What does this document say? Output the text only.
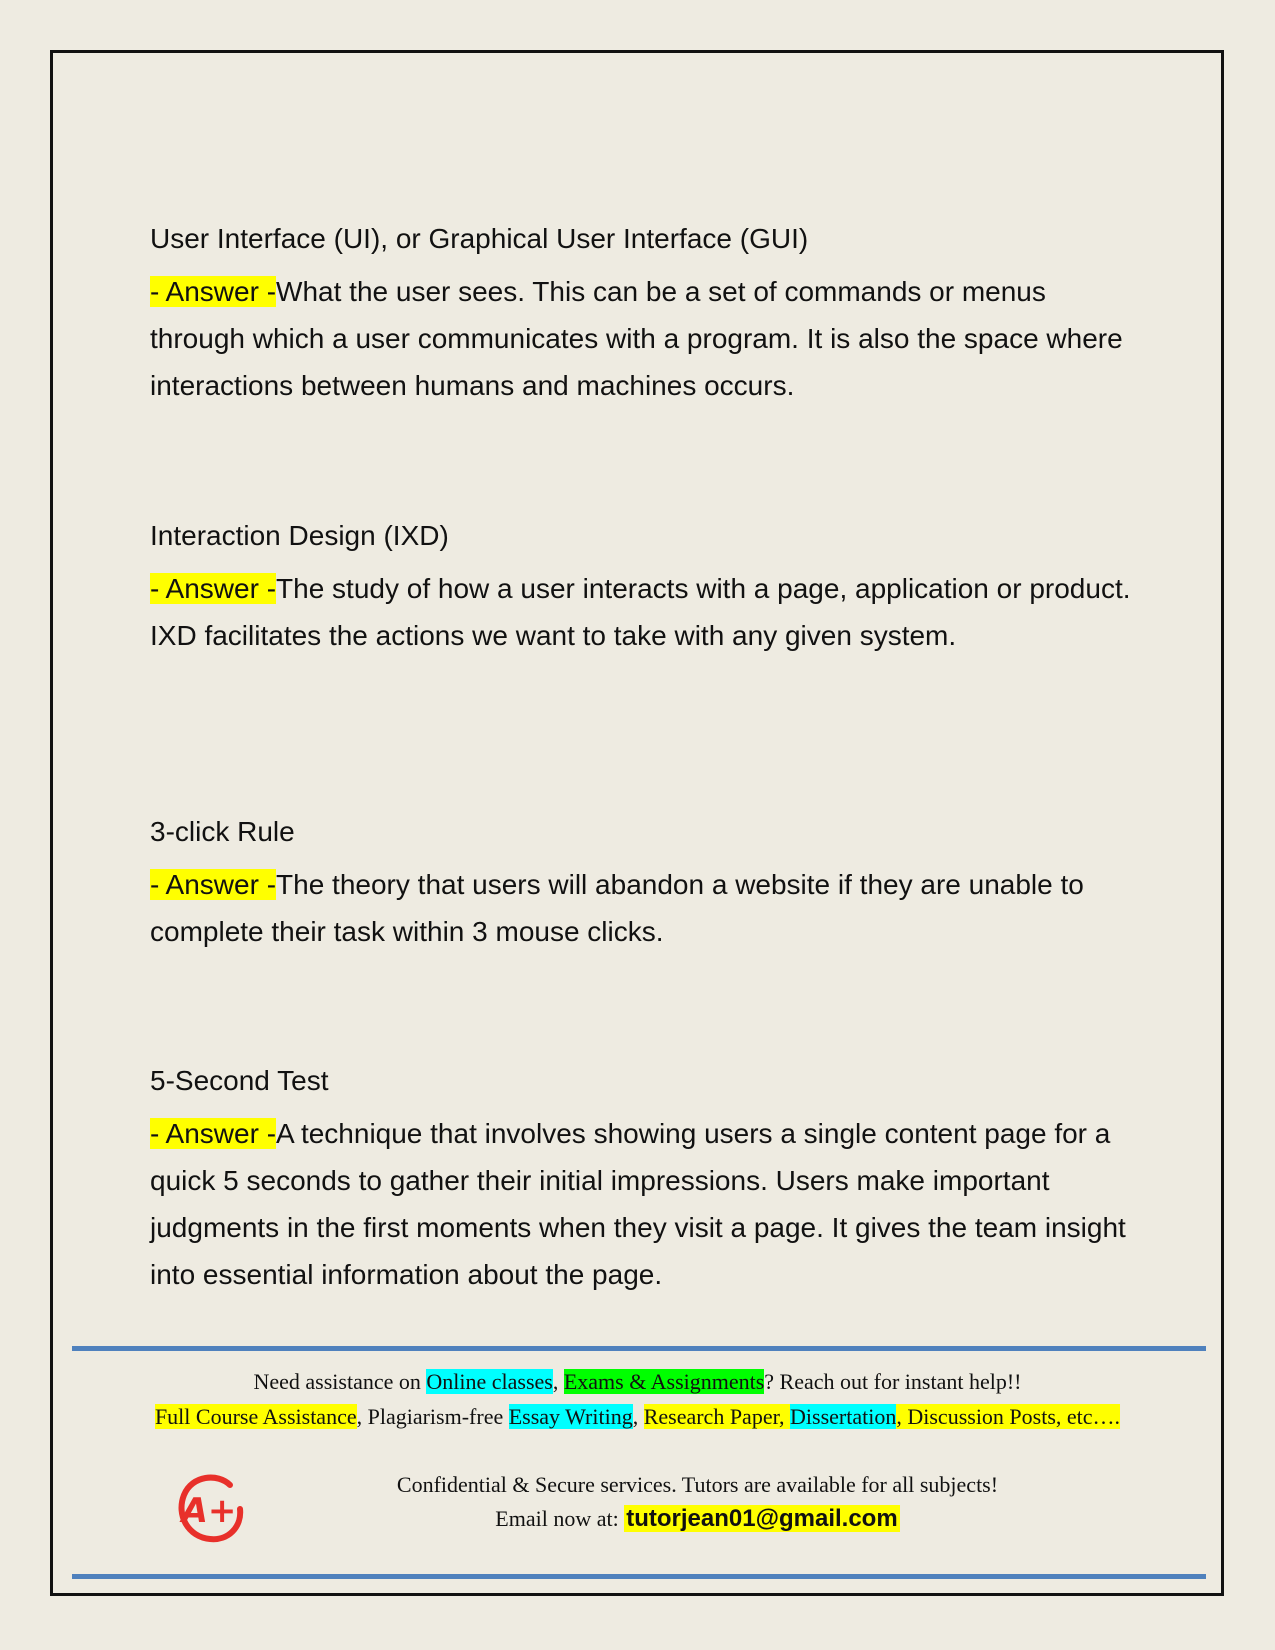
User Interface (UI), or Graphical User Interface (GUI)
- Answer -What the user sees. This can be a set of commands or menus through which a user communicates with a program. It is also the space where interactions between humans and machines occurs.
Interaction Design (IXD)
- Answer -The study of how a user interacts with a page, application or product. IXD facilitates the actions we want to take with any given system.
3-click Rule
- Answer -The theory that users will abandon a website if they are unable to complete their task within 3 mouse clicks.
5-Second Test
- Answer -A technique that involves showing users a single content page for a quick 5 seconds to gather their initial impressions. Users make important judgments in the first moments when they visit a page. It gives the team insight into essential information about the page.
Need assistance on Online classes, Exams & Assignments? Reach out for instant help!!
Full Course Assistance, Plagiarism-free Essay Writing, Research Paper, Dissertation, Discussion Posts, etc….
A+
Confidential & Secure services. Tutors are available for all subjects!
Email now at: tutorjean01@gmail.com
